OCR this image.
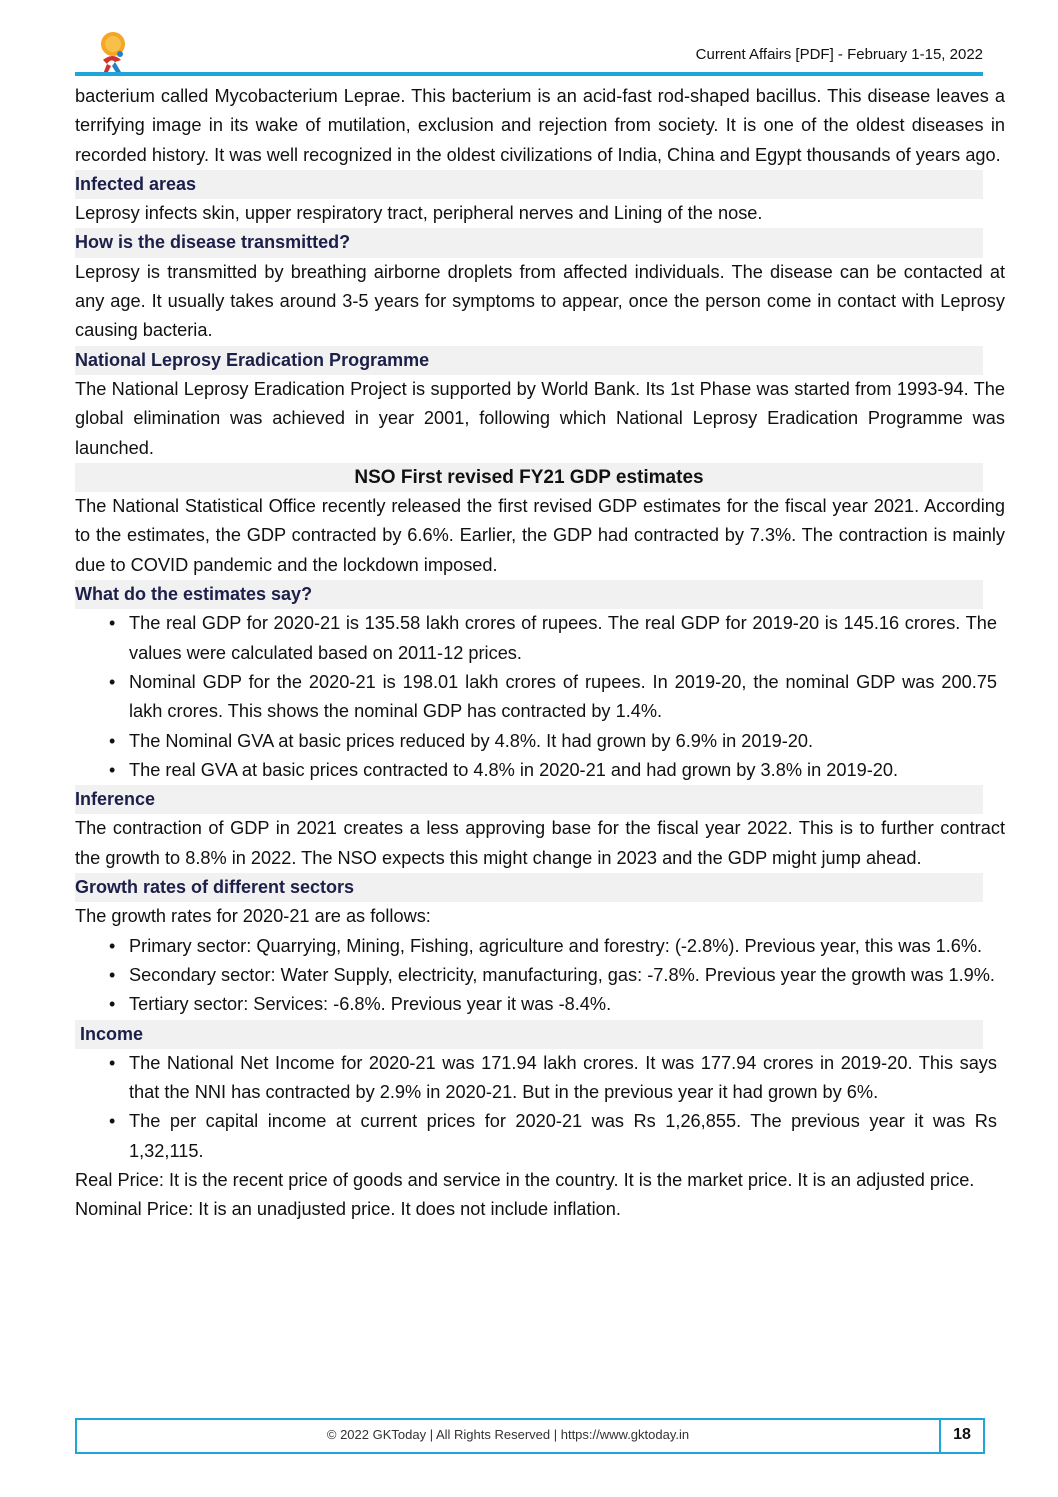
Current Affairs [PDF] - February 1-15, 2022

bacterium called Mycobacterium Leprae. This bacterium is an acid-fast rod-shaped bacillus. This disease leaves a terrifying image in its wake of mutilation, exclusion and rejection from society. It is one of the oldest diseases in recorded history. It was well recognized in the oldest civilizations of India, China and Egypt thousands of years ago.

Infected areas

Leprosy infects skin, upper respiratory tract, peripheral nerves and Lining of the nose.

How is the disease transmitted?

Leprosy is transmitted by breathing airborne droplets from affected individuals. The disease can be contacted at any age. It usually takes around 3-5 years for symptoms to appear, once the person come in contact with Leprosy causing bacteria.

National Leprosy Eradication Programme

The National Leprosy Eradication Project is supported by World Bank. Its 1st Phase was started from 1993-94. The global elimination was achieved in year 2001, following which National Leprosy Eradication Programme was launched.

NSO First revised FY21 GDP estimates

The National Statistical Office recently released the first revised GDP estimates for the fiscal year 2021. According to the estimates, the GDP contracted by 6.6%. Earlier, the GDP had contracted by 7.3%. The contraction is mainly due to COVID pandemic and the lockdown imposed.

What do the estimates say?
• The real GDP for 2020-21 is 135.58 lakh crores of rupees. The real GDP for 2019-20 is 145.16 crores. The values were calculated based on 2011-12 prices.
• Nominal GDP for the 2020-21 is 198.01 lakh crores of rupees. In 2019-20, the nominal GDP was 200.75 lakh crores. This shows the nominal GDP has contracted by 1.4%.
• The Nominal GVA at basic prices reduced by 4.8%. It had grown by 6.9% in 2019-20.
• The real GVA at basic prices contracted to 4.8% in 2020-21 and had grown by 3.8% in 2019-20.
Inference

The contraction of GDP in 2021 creates a less approving base for the fiscal year 2022. This is to further contract the growth to 8.8% in 2022. The NSO expects this might change in 2023 and the GDP might jump ahead.

Growth rates of different sectors

The growth rates for 2020-21 are as follows:

• Primary sector: Quarrying, Mining, Fishing, agriculture and forestry: (-2.8%). Previous year, this was 1.6%.
• Secondary sector: Water Supply, electricity, manufacturing, gas: -7.8%. Previous year the growth was 1.9%.
• Tertiary sector: Services: -6.8%. Previous year it was -8.4%.
Income
• The National Net Income for 2020-21 was 171.94 lakh crores. It was 177.94 crores in 2019-20. This says that the NNI has contracted by 2.9% in 2020-21. But in the previous year it had grown by 6%.
• The per capital income at current prices for 2020-21 was Rs 1,26,855. The previous year it was Rs 1,32,115.

Real Price: It is the recent price of goods and service in the country. It is the market price. It is an adjusted price.

Nominal Price: It is an unadjusted price. It does not include inflation.

© 2022 GKToday | All Rights Reserved | https://www.gktoday.in	18
